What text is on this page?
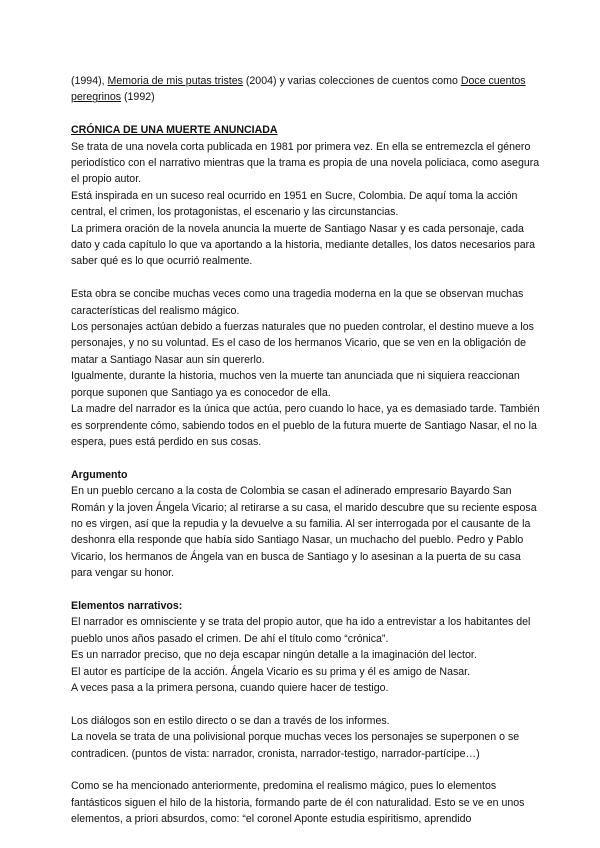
(1994), Memoria de mis putas tristes (2004) y varias colecciones de cuentos como Doce cuentos peregrinos (1992)

CRÓNICA DE UNA MUERTE ANUNCIADA

Se trata de una novela corta publicada en 1981 por primera vez. En ella se entremezcla el género periodístico con el narrativo mientras que la trama es propia de una novela policiaca, como asegura el propio autor.

Está inspirada en un suceso real ocurrido en 1951 en Sucre, Colombia. De aquí toma la acción central, el crimen, los protagonistas, el escenario y las circunstancias.

La primera oración de la novela anuncia la muerte de Santiago Nasar y es cada personaje, cada dato y cada capítulo lo que va aportando a la historia, mediante detalles, los datos necesarios para saber qué es lo que ocurrió realmente.

Esta obra se concibe muchas veces como una tragedia moderna en la que se observan muchas características del realismo mágico.

Los personajes actúan debido a fuerzas naturales que no pueden controlar, el destino mueve a los personajes, y no su voluntad. Es el caso de los hermanos Vicario, que se ven en la obligación de matar a Santiago Nasar aun sin quererlo.

Igualmente, durante la historia, muchos ven la muerte tan anunciada que ni siquiera reaccionan porque suponen que Santiago ya es conocedor de ella.

La madre del narrador es la única que actúa, pero cuando lo hace, ya es demasiado tarde. También es sorprendente cómo, sabiendo todos en el pueblo de la futura muerte de Santiago Nasar, el no la espera, pues está perdido en sus cosas.

Argumento

En un pueblo cercano a la costa de Colombia se casan el adinerado empresario Bayardo San Román y la joven Ángela Vicario; al retirarse a su casa, el marido descubre que su reciente esposa no es virgen, así que la repudia y la devuelve a su familia. Al ser interrogada por el causante de la deshonra ella responde que había sido Santiago Nasar, un muchacho del pueblo. Pedro y Pablo Vicario, los hermanos de Ángela van en busca de Santiago y lo asesinan a la puerta de su casa para vengar su honor.

Elementos narrativos:

El narrador es omnisciente y se trata del propio autor, que ha ido a entrevistar a los habitantes del pueblo unos años pasado el crimen. De ahí el título como “crónica”.

Es un narrador preciso, que no deja escapar ningún detalle a la imaginación del lector.

El autor es partícipe de la acción. Ángela Vicario es su prima y él es amigo de Nasar.

A veces pasa a la primera persona, cuando quiere hacer de testigo.

Los diálogos son en estilo directo o se dan a través de los informes.

La novela se trata de una polivisional porque muchas veces los personajes se superponen o se contradicen. (puntos de vista: narrador, cronista, narrador-testigo, narrador-partícipe…)

Como se ha mencionado anteriormente, predomina el realismo mágico, pues lo elementos fantásticos siguen el hilo de la historia, formando parte de él con naturalidad. Esto se ve en unos elementos, a priori absurdos, como: “el coronel Aponte estudia espiritismo, aprendido
